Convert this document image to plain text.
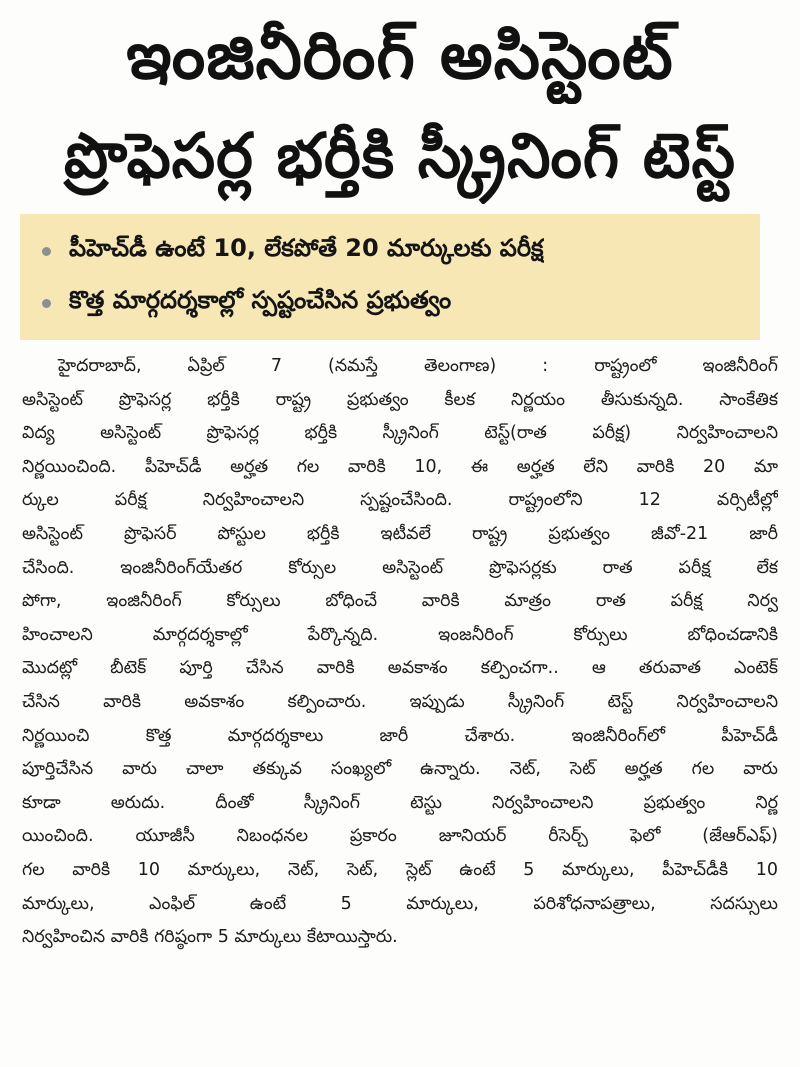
ఇంజినీరింగ్ అసిస్టెంట్
ప్రొఫెసర్ల భర్తీకి స్క్రీనింగ్ టెస్ట్
పీహెచ్‌డీ ఉంటే 10, లేకపోతే 20 మార్కులకు పరీక్ష
కొత్త మార్గదర్శకాల్లో స్పష్టంచేసిన ప్రభుత్వం
హైదరాబాద్, ఏప్రిల్ 7 (నమస్తే తెలంగాణ) : రాష్ట్రంలో ఇంజినీరింగ్
అసిస్టెంట్ ప్రొఫెసర్ల భర్తీకి రాష్ట్ర ప్రభుత్వం కీలక నిర్ణయం తీసుకున్నది. సాంకేతిక
విద్య అసిస్టెంట్ ప్రొఫెసర్ల భర్తీకి స్క్రీనింగ్ టెస్ట్(రాత పరీక్ష) నిర్వహించాలని
నిర్ణయించింది. పీహెచ్‌డీ అర్హత గల వారికి 10, ఈ అర్హత లేని వారికి 20 మా
ర్కుల పరీక్ష నిర్వహించాలని స్పష్టంచేసింది. రాష్ట్రంలోని 12 వర్సిటీల్లో
అసిస్టెంట్ ప్రొఫెసర్ పోస్టుల భర్తీకి ఇటీవలే రాష్ట్ర ప్రభుత్వం జీవో-21 జారీ
చేసింది. ఇంజినీరింగ్‌యేతర కోర్సుల అసిస్టెంట్ ప్రొఫెసర్లకు రాత పరీక్ష లేక
పోగా, ఇంజినీరింగ్ కోర్సులు బోధించే వారికి మాత్రం రాత పరీక్ష నిర్వ
హించాలని మార్గదర్శకాల్లో పేర్కొన్నది. ఇంజనీరింగ్ కోర్సులు బోధించడానికి
మొదట్లో బీటెక్ పూర్తి చేసిన వారికి అవకాశం కల్పించగా.. ఆ తరువాత ఎంటెక్
చేసిన వారికి అవకాశం కల్పించారు. ఇప్పుడు స్క్రీనింగ్ టెస్ట్ నిర్వహించాలని
నిర్ణయించి కొత్త మార్గదర్శకాలు జారీ చేశారు. ఇంజినీరింగ్‌లో పీహెచ్‌డీ
పూర్తిచేసిన వారు చాలా తక్కువ సంఖ్యలో ఉన్నారు. నెట్, సెట్ అర్హత గల వారు
కూడా అరుదు. దీంతో స్క్రీనింగ్ టెస్టు నిర్వహించాలని ప్రభుత్వం నిర్ణ
యించింది. యూజీసీ నిబంధనల ప్రకారం జూనియర్ రీసెర్చ్ ఫెలో (జేఆర్‌ఎఫ్)
గల వారికి 10 మార్కులు, నెట్, సెట్, స్లెట్ ఉంటే 5 మార్కులు, పీహెచ్‌డీకి 10
మార్కులు, ఎంఫిల్ ఉంటే 5 మార్కులు, పరిశోధనాపత్రాలు, సదస్సులు
నిర్వహించిన వారికి గరిష్ఠంగా 5 మార్కులు కేటాయిస్తారు.
